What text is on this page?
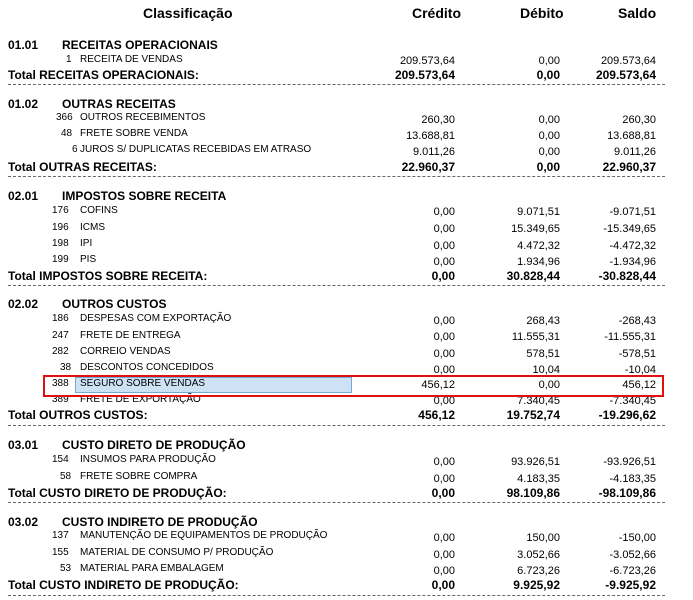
Classificação	Crédito	Débito	Saldo
01.01 RECEITAS OPERACIONAIS
1 RECEITA DE VENDAS	209.573,64	0,00	209.573,64
Total RECEITAS OPERACIONAIS:	209.573,64	0,00	209.573,64
01.02 OUTRAS RECEITAS
366 OUTROS RECEBIMENTOS	260,30	0,00	260,30
48 FRETE SOBRE VENDA	13.688,81	0,00	13.688,81
6 JUROS S/ DUPLICATAS RECEBIDAS EM ATRASO	9.011,26	0,00	9.011,26
Total OUTRAS RECEITAS:	22.960,37	0,00	22.960,37
02.01 IMPOSTOS SOBRE RECEITA
176 COFINS	0,00	9.071,51	-9.071,51
196 ICMS	0,00	15.349,65	-15.349,65
198 IPI	0,00	4.472,32	-4.472,32
199 PIS	0,00	1.934,96	-1.934,96
Total IMPOSTOS SOBRE RECEITA:	0,00	30.828,44	-30.828,44
02.02 OUTROS CUSTOS
186 DESPESAS COM EXPORTAÇÃO	0,00	268,43	-268,43
247 FRETE DE ENTREGA	0,00	11.555,31	-11.555,31
282 CORREIO VENDAS	0,00	578,51	-578,51
38 DESCONTOS CONCEDIDOS	0,00	10,04	-10,04
388 SEGURO SOBRE VENDAS	456,12	0,00	456,12
389 FRETE DE EXPORTAÇÃO	0,00	7.340,45	-7.340,45
Total OUTROS CUSTOS:	456,12	19.752,74	-19.296,62
03.01 CUSTO DIRETO DE PRODUÇÃO
154 INSUMOS PARA PRODUÇÃO	0,00	93.926,51	-93.926,51
58 FRETE SOBRE COMPRA	0,00	4.183,35	-4.183,35
Total CUSTO DIRETO DE PRODUÇÃO:	0,00	98.109,86	-98.109,86
03.02 CUSTO INDIRETO DE PRODUÇÃO
137 MANUTENÇÃO DE EQUIPAMENTOS DE PRODUÇÃO	0,00	150,00	-150,00
155 MATERIAL DE CONSUMO P/ PRODUÇÃO	0,00	3.052,66	-3.052,66
53 MATERIAL PARA EMBALAGEM	0,00	6.723,26	-6.723,26
Total CUSTO INDIRETO DE PRODUÇÃO:	0,00	9.925,92	-9.925,92
